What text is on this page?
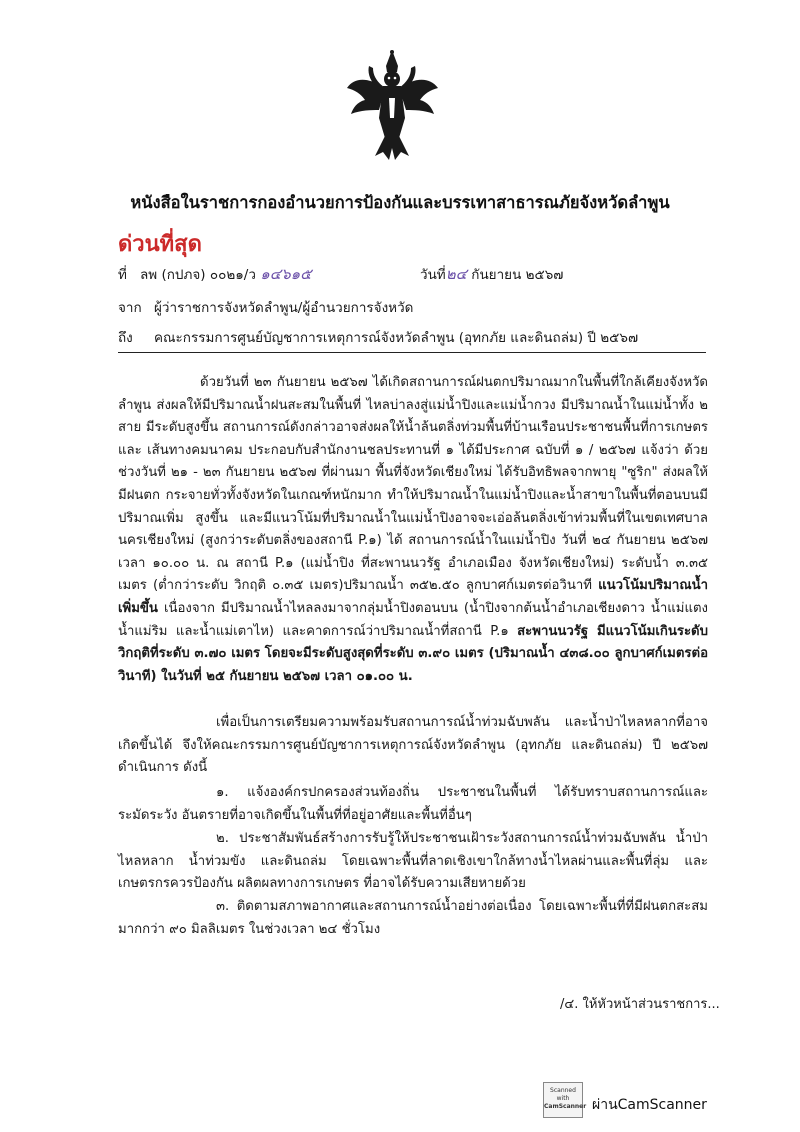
หนังสือในราชการกองอำนวยการป้องกันและบรรเทาสาธารณภัยจังหวัดลำพูน
ด่วนที่สุด
ที่ ลพ (กปภจ) ๐๐๒๑/ว ๑๔๖๑๕	วันที่๒๔ กันยายน ๒๕๖๗
จาก ผู้ว่าราชการจังหวัดลำพูน/ผู้อำนวยการจังหวัด
ถึง คณะกรรมการศูนย์บัญชาการเหตุการณ์จังหวัดลำพูน (อุทกภัย และดินถล่ม) ปี ๒๕๖๗
ด้วยวันที่ ๒๓ กันยายน ๒๕๖๗ ได้เกิดสถานการณ์ฝนตกปริมาณมากในพื้นที่ใกล้เคียงจังหวัดลำพูน ส่งผลให้มีปริมาณน้ำฝนสะสมในพื้นที่ ไหลบ่าลงสู่แม่น้ำปิงและแม่น้ำกวง มีปริมาณน้ำในแม่น้ำทั้ง ๒ สาย มีระดับสูงขึ้น สถานการณ์ดังกล่าวอาจส่งผลให้น้ำล้นตลิ่งท่วมพื้นที่บ้านเรือนประชาชนพื้นที่การเกษตรและ เส้นทางคมนาคม ประกอบกับสำนักงานชลประทานที่ ๑ ได้มีประกาศ ฉบับที่ ๑ / ๒๕๖๗ แจ้งว่า ด้วยช่วงวันที่ ๒๑ - ๒๓ กันยายน ๒๕๖๗ ที่ผ่านมา พื้นที่จังหวัดเชียงใหม่ ได้รับอิทธิพลจากพายุ "ซูริก" ส่งผลให้มีฝนตก กระจายทั่วทั้งจังหวัดในเกณฑ์หนักมาก ทำให้ปริมาณน้ำในแม่น้ำปิงและน้ำสาขาในพื้นที่ตอนบนมีปริมาณเพิ่ม สูงขึ้น และมีแนวโน้มที่ปริมาณน้ำในแม่น้ำปิงอาจจะเอ่อล้นตลิ่งเข้าท่วมพื้นที่ในเขตเทศบาลนครเชียงใหม่ (สูงกว่าระดับตลิ่งของสถานี P.๑) ได้ สถานการณ์น้ำในแม่น้ำปิง วันที่ ๒๔ กันยายน ๒๕๖๗ เวลา ๑๐.๐๐ น. ณ สถานี P.๑ (แม่น้ำปิง ที่สะพานนวรัฐ อำเภอเมือง จังหวัดเชียงใหม่) ระดับน้ำ ๓.๓๕ เมตร (ต่ำกว่าระดับ วิกฤติ ๐.๓๕ เมตร)ปริมาณน้ำ ๓๕๒.๕๐ ลูกบาศก์เมตรต่อวินาที แนวโน้มปริมาณน้ำเพิ่มขึ้น เนื่องจาก มีปริมาณน้ำไหลลงมาจากลุ่มน้ำปิงตอนบน (น้ำปิงจากต้นน้ำอำเภอเชียงดาว น้ำแม่แตง น้ำแม่ริม และน้ำแม่เตาไห) และคาดการณ์ว่าปริมาณน้ำที่สถานี P.๑ สะพานนวรัฐ มีแนวโน้มเกินระดับวิกฤติที่ระดับ ๓.๗๐ เมตร โดยจะมีระดับสูงสุดที่ระดับ ๓.๙๐ เมตร (ปริมาณน้ำ ๔๓๘.๐๐ ลูกบาศก์เมตรต่อวินาที) ในวันที่ ๒๕ กันยายน ๒๕๖๗ เวลา ๐๑.๐๐ น.
เพื่อเป็นการเตรียมความพร้อมรับสถานการณ์น้ำท่วมฉับพลัน และน้ำป่าไหลหลากที่อาจ เกิดขึ้นได้ จึงให้คณะกรรมการศูนย์บัญชาการเหตุการณ์จังหวัดลำพูน (อุทกภัย และดินถล่ม) ปี ๒๕๖๗ ดำเนินการ ดังนี้
๑. แจ้งองค์กรปกครองส่วนท้องถิ่น ประชาชนในพื้นที่ ได้รับทราบสถานการณ์และระมัดระวัง อันตรายที่อาจเกิดขึ้นในพื้นที่ที่อยู่อาศัยและพื้นที่อื่นๆ
๒. ประชาสัมพันธ์สร้างการรับรู้ให้ประชาชนเฝ้าระวังสถานการณ์น้ำท่วมฉับพลัน น้ำป่าไหลหลาก น้ำท่วมขัง และดินถล่ม โดยเฉพาะพื้นที่ลาดเชิงเขาใกล้ทางน้ำไหลผ่านและพื้นที่ลุ่ม และเกษตรกรควรป้องกัน ผลิตผลทางการเกษตร ที่อาจได้รับความเสียหายด้วย
๓. ติดตามสภาพอากาศและสถานการณ์น้ำอย่างต่อเนื่อง โดยเฉพาะพื้นที่ที่มีฝนตกสะสม มากกว่า ๙๐ มิลลิเมตร ในช่วงเวลา ๒๔ ชั่วโมง
/๔. ให้หัวหน้าส่วนราชการ...
Scanned with
CamScanner ผ่านCamScanner
